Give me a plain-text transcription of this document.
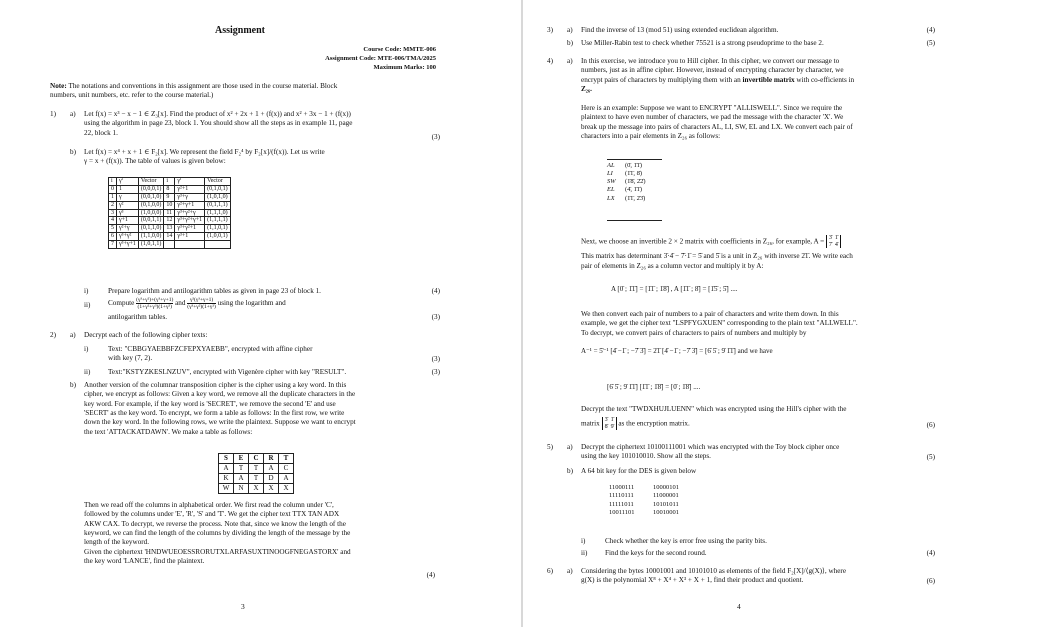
Assignment
Course Code: MMTE-006
Assignment Code: MTE-006/TMA/2025
Maximum Marks: 100
Note: The notations and conventions in this assignment are those used in the course material. Block
numbers, unit numbers, etc. refer to the course material.)
1) a) Let f(x) = x³ − x − 1 ∈ Z₃[x]. Find the product of x² + 2x + 1 + (f(x)) and x² + 3x − 1 + (f(x))
using the algorithm in page 23, block 1. You should show all the steps as in example 11, page
22, block 1.
(3)
b) Let f(x) = x⁴ + x + 1 ∈ F₂[x]. We represent the field F₂⁴ by F₂[x]/(f(x)). Let us write
γ = x + (f(x)). The table of values is given below:
i	γⁱ	Vector	i	γⁱ	Vector
0	1	(0,0,0,1)	8	γ²+1	(0,1,0,1)
1	γ	(0,0,1,0)	9	γ³+γ	(1,0,1,0)
2	γ²	(0,1,0,0)	10	γ²+γ+1	(0,1,1,1)
3	γ³	(1,0,0,0)	11	γ³+γ²+γ	(1,1,1,0)
4	γ+1	(0,0,1,1)	12	γ³+γ²+γ+1	(1,1,1,1)
5	γ²+γ	(0,1,1,0)	13	γ³+γ²+1	(1,1,0,1)
6	γ³+γ²	(1,1,0,0)	14	γ³+1	(1,0,0,1)
7	γ³+γ+1	(1,0,1,1)			
i)	Prepare logarithm and antilogarithm tables as given in page 23 of block 1.	(4)
ii) Compute $\frac{\text{(γ³+γ²)+(γ³+γ+1)}}{\text{(1+γ²+γ³)(1+γ²)}}$ and $\frac{\text{γ²(γ³+γ+1)}}{\text{(γ³+γ²)(1+γ²)}}$ using the logarithm and
antilogarithm tables.	(3)
2) a) Decrypt each of the following cipher texts:
i)	Text: "CBBGYAEBBFZCFEPXYAEBB", encrypted with affine cipher
with key (7, 2).	(3)
ii) Text:"KSTYZKESLNZUV", encrypted with Vigenère cipher with key "RESULT".	(3)
b) Another version of the columnar transposition cipher is the cipher using a key word. In this
cipher, we encrypt as follows: Given a key word, we remove all the duplicate characters in the
key word. For example, if the key word is 'SECRET', we remove the second 'E' and use
'SECRT' as the key word. To encrypt, we form a table as follows: In the first row, we write
down the key word. In the following rows, we write the plaintext. Suppose we want to encrypt
the text 'ATTACKATDAWN'. We make a table as follows:
S	E	C	R	T
A	T	T	A	C
K	A	T	D	A
W	N	X	X	X
Then we read off the columns in alphabetical order. We first read the column under 'C',
followed by the columns under 'E', 'R', 'S' and 'T'. We get the cipher text TTX TAN ADX
AKW CAX. To decrypt, we reverse the process. Note that, since we know the length of the
keyword, we can find the length of the columns by dividing the length of the message by the
length of the keyword.
Given the ciphertext 'HNDWUEOESSRORUTXLARFASUXTINOOGFNEGASTORX' and
the key word 'LANCE', find the plaintext.
(4)
3
3) a) Find the inverse of 13 (mod 51) using extended euclidean algorithm.	(4)
b) Use Miller-Rabin test to check whether 75521 is a strong pseudoprime to the base 2.	(5)
4) a) In this exercise, we introduce you to Hill cipher. In this cipher, we convert our message to
numbers, just as in affine cipher. However, instead of encrypting character by character, we
encrypt pairs of characters by multiplying them with an invertible matrix with co-efficients in
Z₂₆.
Here is an example: Suppose we want to ENCRYPT "ALLISWELL". Since we require the
plaintext to have even number of characters, we pad the message with the character 'X'. We
break up the message into pairs of characters AL, LI, SW, EL and LX. We convert each pair of
characters into a pair elements in Z₂₆ as follows:
AL (0̄, 1̄1̄)
LI (1̄1̄, 8̄)
SW (1̄8̄, 2̄2̄)
EL (4̄, 1̄1̄)
LX (1̄1̄, 2̄3̄)
Next, we choose an invertible 2 × 2 matrix with coefficients in Z₂₆, for example, A = 3̄ 1̄
7̄ 4̄
This matrix has determinant 3̄·4̄ − 7̄·1̄ = 5̄ and 5̄ is a unit in Z₂₆ with inverse 2̄1̄. We write each
pair of elements in Z₂₆ as a column vector and multiply it by A:
A [0̄ ; 1̄1̄] = [1̄1̄ ; 1̄8̄] , A [1̄1̄ ; 8̄] = [1̄5̄ ; 5̄] ....
We then convert each pair of numbers to a pair of characters and write them down. In this
example, we get the cipher text "LSPFYGXUEN" corresponding to the plain text "ALLWELL".
To decrypt, we convert pairs of characters to pairs of numbers and multiply by
A⁻¹ = 5̄⁻¹ [4̄ −1̄ ; −7̄ 3̄] = 2̄1̄ [4̄ −1̄ ; −7̄ 3̄] = [6̄ 5̄ ; 9̄ 1̄1̄] and we have
[6̄ 5̄ ; 9̄ 1̄1̄] [1̄1̄ ; 1̄8̄] = [0̄ ; 1̄8̄] ....
Decrypt the text "TWDXHUJLUENN" which was encrypted using the Hill's cipher with the
matrix 3̄ 1̄
8̄ 9̄ as the encryption matrix.	(6)
5) a) Decrypt the ciphertext 10100111001 which was encrypted with the Toy block cipher once
using the key 101010010. Show all the steps.	(5)
b) A 64 bit key for the DES is given below
11000111	10000101
11110111	11000001
11111011	10101011
10011101	10010001
i)	Check whether the key is error free using the parity bits.
ii) Find the keys for the second round.	(4)
6) a) Considering the bytes 10001001 and 10101010 as elements of the field F₂[X]/⟨g(X)⟩, where
g(X) is the polynomial X⁸ + X⁴ + X³ + X + 1, find their product and quotient.	(6)
4
